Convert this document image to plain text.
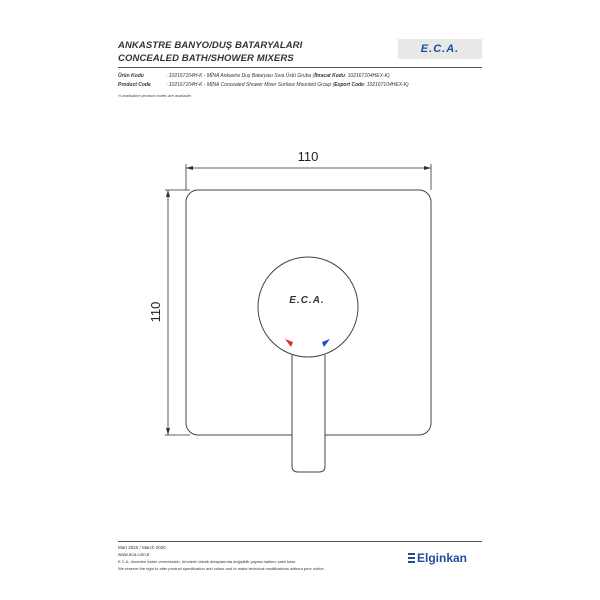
ANKASTRE BANYO/DUŞ BATARYALARI
CONCEALED BATH/SHOWER MIXERS
E.C.A.
Ürün Kodu	: 102167104H-K - MİNA Ankastre Duş Bataryası Sıva Üstü Grubu (İhracat Kodu: 102167104HEX-K)
Product Code	: 102167104H-K - MİNA Concealed Shower Mixer Surface Mounted Group (Export Code: 102167104HEX-K)
*Localisation product codes are available.
110
110
E.C.A.
Mart 2020 / March 2020
www.eca.com.tr
E.C.A. önceden haber vermeksizin, ürünlerin teknik detaylarında değişiklik yapma hakkını saklı tutar.
We reserve the right to alter product specification and colors and to make technical modifications without prior notice.
Elginkan
